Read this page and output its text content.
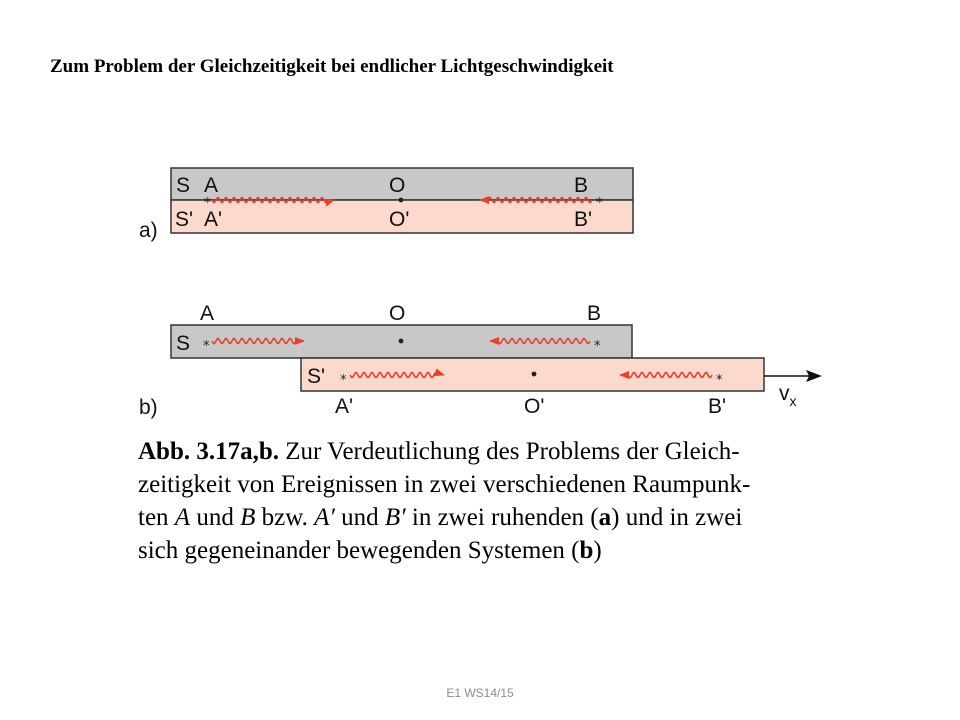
Zum Problem der Gleichzeitigkeit bei endlicher Lichtgeschwindigkeit
S A	O	B
S' A'	O'	B'
*	*
a)
A	O	B
S *	*
S' *	*
$v_x$
A'	O'	B'
b)

Abb. 3.17a,b. Zur Verdeutlichung des Problems der Gleich-
zeitigkeit von Ereignissen in zwei verschiedenen Raumpunk-
ten A und B bzw. A′ und B′ in zwei ruhenden (a) und in zwei
sich gegeneinander bewegenden Systemen (b)

E1 WS14/15
